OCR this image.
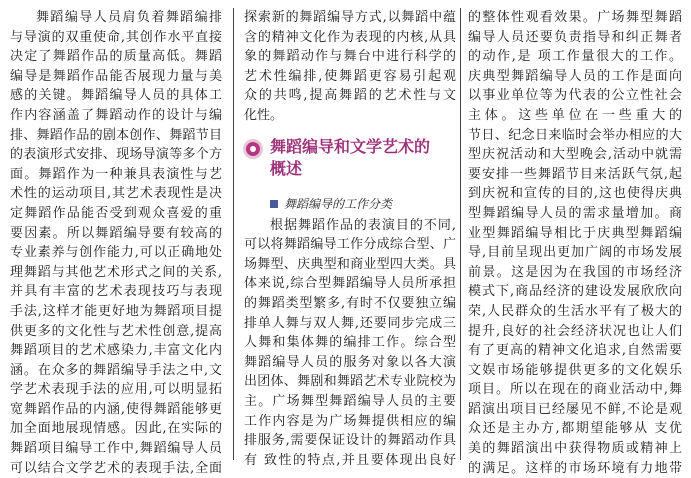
舞蹈编导人员肩负着舞蹈编排
与导演的双重使命,其创作水平直接
决定了舞蹈作品的质量高低。舞蹈
编导是舞蹈作品能否展现力量与美
感的关键。舞蹈编导人员的具体工
作内容涵盖了舞蹈动作的设计与编
排、舞蹈作品的剧本创作、舞蹈节目
的表演形式安排、现场导演等多个方
面。舞蹈作为一种兼具表演性与艺
术性的运动项目,其艺术表现性是决
定舞蹈作品能否受到观众喜爱的重
要因素。所以舞蹈编导要有较高的
专业素养与创作能力,可以正确地处
理舞蹈与其他艺术形式之间的关系,
并具有丰富的艺术表现技巧与表现
手法,这样才能更好地为舞蹈项目提
供更多的文化性与艺术性创意,提高
舞蹈项目的艺术感染力,丰富文化内
涵。在众多的舞蹈编导手法之中,文
学艺术表现手法的应用,可以明显拓
宽舞蹈作品的内涵,使得舞蹈能够更
加全面地展现情感。因此,在实际的
舞蹈项目编导工作中,舞蹈编导人员
可以结合文学艺术的表现手法,全面
探索新的舞蹈编导方式,以舞蹈中蕴
含的精神文化作为表现的内核,从具
象的舞蹈动作与舞台中进行科学的
艺术性编排,使舞蹈更容易引起观
众的共鸣,提高舞蹈的艺术性与文
化性。
舞蹈编导和文学艺术的
概述
舞蹈编导的工作分类
根据舞蹈作品的表演目的不同,
可以将舞蹈编导工作分成综合型、广
场舞型、庆典型和商业型四大类。具
体来说,综合型舞蹈编导人员所承担
的舞蹈类型繁多,有时不仅要独立编
排单人舞与双人舞,还要同步完成三
人舞和集体舞的编排工作。综合型
舞蹈编导人员的服务对象以各大演
出团体、舞剧和舞蹈艺术专业院校为
主。广场舞型舞蹈编导人员的主要
工作内容是为广场舞提供相应的编
排服务,需要保证设计的舞蹈动作具
有 致性的特点,并且要体现出良好
的整体性观看效果。广场舞型舞蹈
编导人员还要负责指导和纠正舞者
的动作,是 项工作量很大的工作。
庆典型舞蹈编导人员的工作是面向
以事业单位等为代表的公立性社会
主体。这些单位在一些重大的
节日、纪念日来临时会举办相应的大
型庆祝活动和大型晚会,活动中就需
要安排一些舞蹈节目来活跃气氛,起
到庆祝和宣传的目的,这也使得庆典
型舞蹈编导人员的需求量增加。商
业型舞蹈编导相比于庆典型舞蹈编
导,目前呈现出更加广阔的市场发展
前景。这是因为在我国的市场经济
模式下,商品经济的建设发展欣欣向
荣,人民群众的生活水平有了极大的
提升,良好的社会经济状况也让人们
有了更高的精神文化追求,自然需要
文娱市场能够提供更多的文化娱乐
项目。所以在现在的商业活动中,舞
蹈演出项目已经屡见不鲜,不论是观
众还是主办方,都期望能够从 支优
美的舞蹈演出中获得物质或精神上
的满足。这样的市场环境有力地带
